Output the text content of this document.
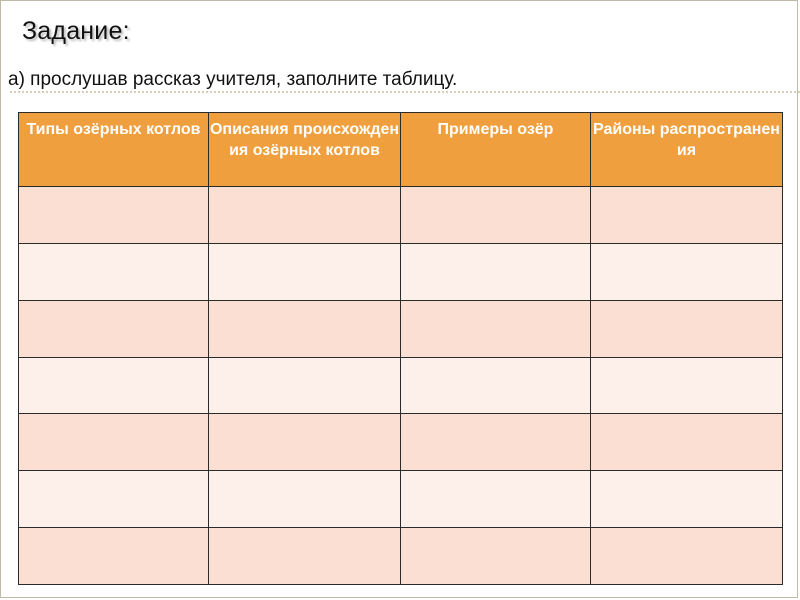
Задание:
а) прослушав рассказ учителя, заполните таблицу.
Типы озёрных котлов	Описания происхождения озёрных котлов	Примеры озёр	Районы распространения
